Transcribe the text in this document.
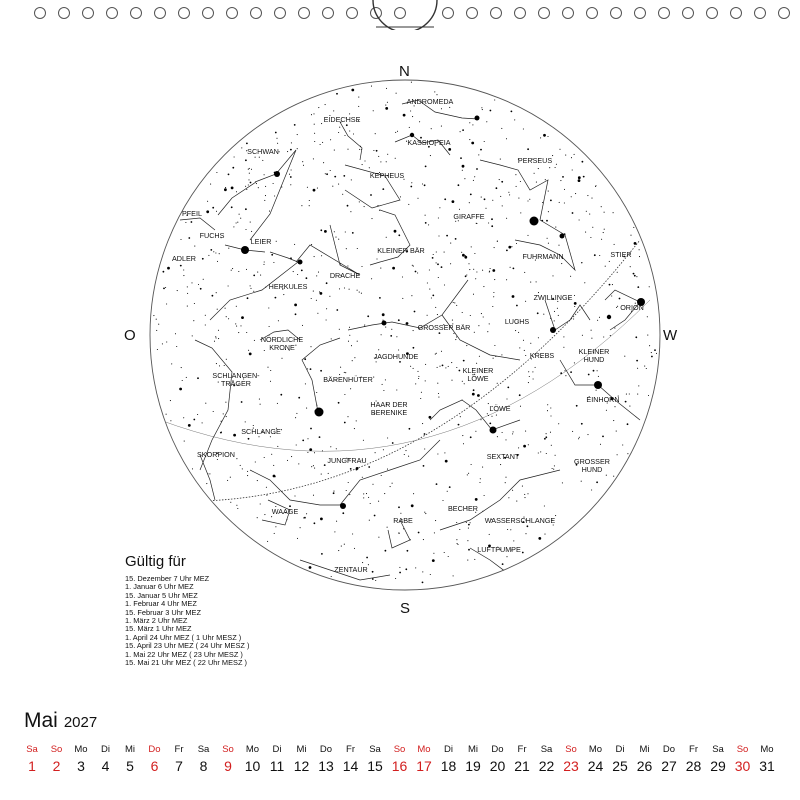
ANDROMEDA
EIDECHSE
KASSIOPEIA
SCHWAN
PERSEUS
KEPHEUS
PFEIL	GIRAFFE
FUCHS
LEIER
KLEINER BÄR
ADLER	FUHRMANN	STIER
DRACHE
HERKULES
ZWILLINGE
ORION
GROSSER BÄR
LUCHS
NÖRDLICHE KRONE
JAGDHUNDE	KREBS	KLEINER HUND
KLEINER LÖWE
SCHLANGEN-TRÄGER	BÄRENHÜTER
EINHORN
HAAR DER BERENIKE	LÖWE
SCHLANGE
SKORPION	SEXTANT
GROSSER HUND
JUNGFRAU
WAAGE	BECHER
RABE	WASSERSCHLANGE
LUFTPUMPE
ZENTAUR
N
S
O	W
Gültig für
15. Dezember 7 Uhr MEZ
1. Januar 6 Uhr MEZ
15. Januar 5 Uhr MEZ
1. Februar 4 Uhr MEZ
15. Februar 3 Uhr MEZ
1. März 2 Uhr MEZ
15. März 1 Uhr MEZ
1. April 24 Uhr MEZ ( 1 Uhr MESZ )
15. April 23 Uhr MEZ ( 24 Uhr MESZ )
1. Mai 22 Uhr MEZ ( 23 Uhr MESZ )
15. Mai 21 Uhr MEZ ( 22 Uhr MESZ )
Mai 2027
Sa
1
So
2
Mo
3
Di
4
Mi
5
Do
6
Fr
7
Sa
8
So
9
Mo
10
Di
11
Mi
12
Do
13
Fr
14
Sa
15
So
16
Mo
17
Di
18
Mi
19
Do
20
Fr
21
Sa
22
So
23
Mo
24
Di
25
Mi
26
Do
27
Fr
28
Sa
29
So
30
Mo
31
